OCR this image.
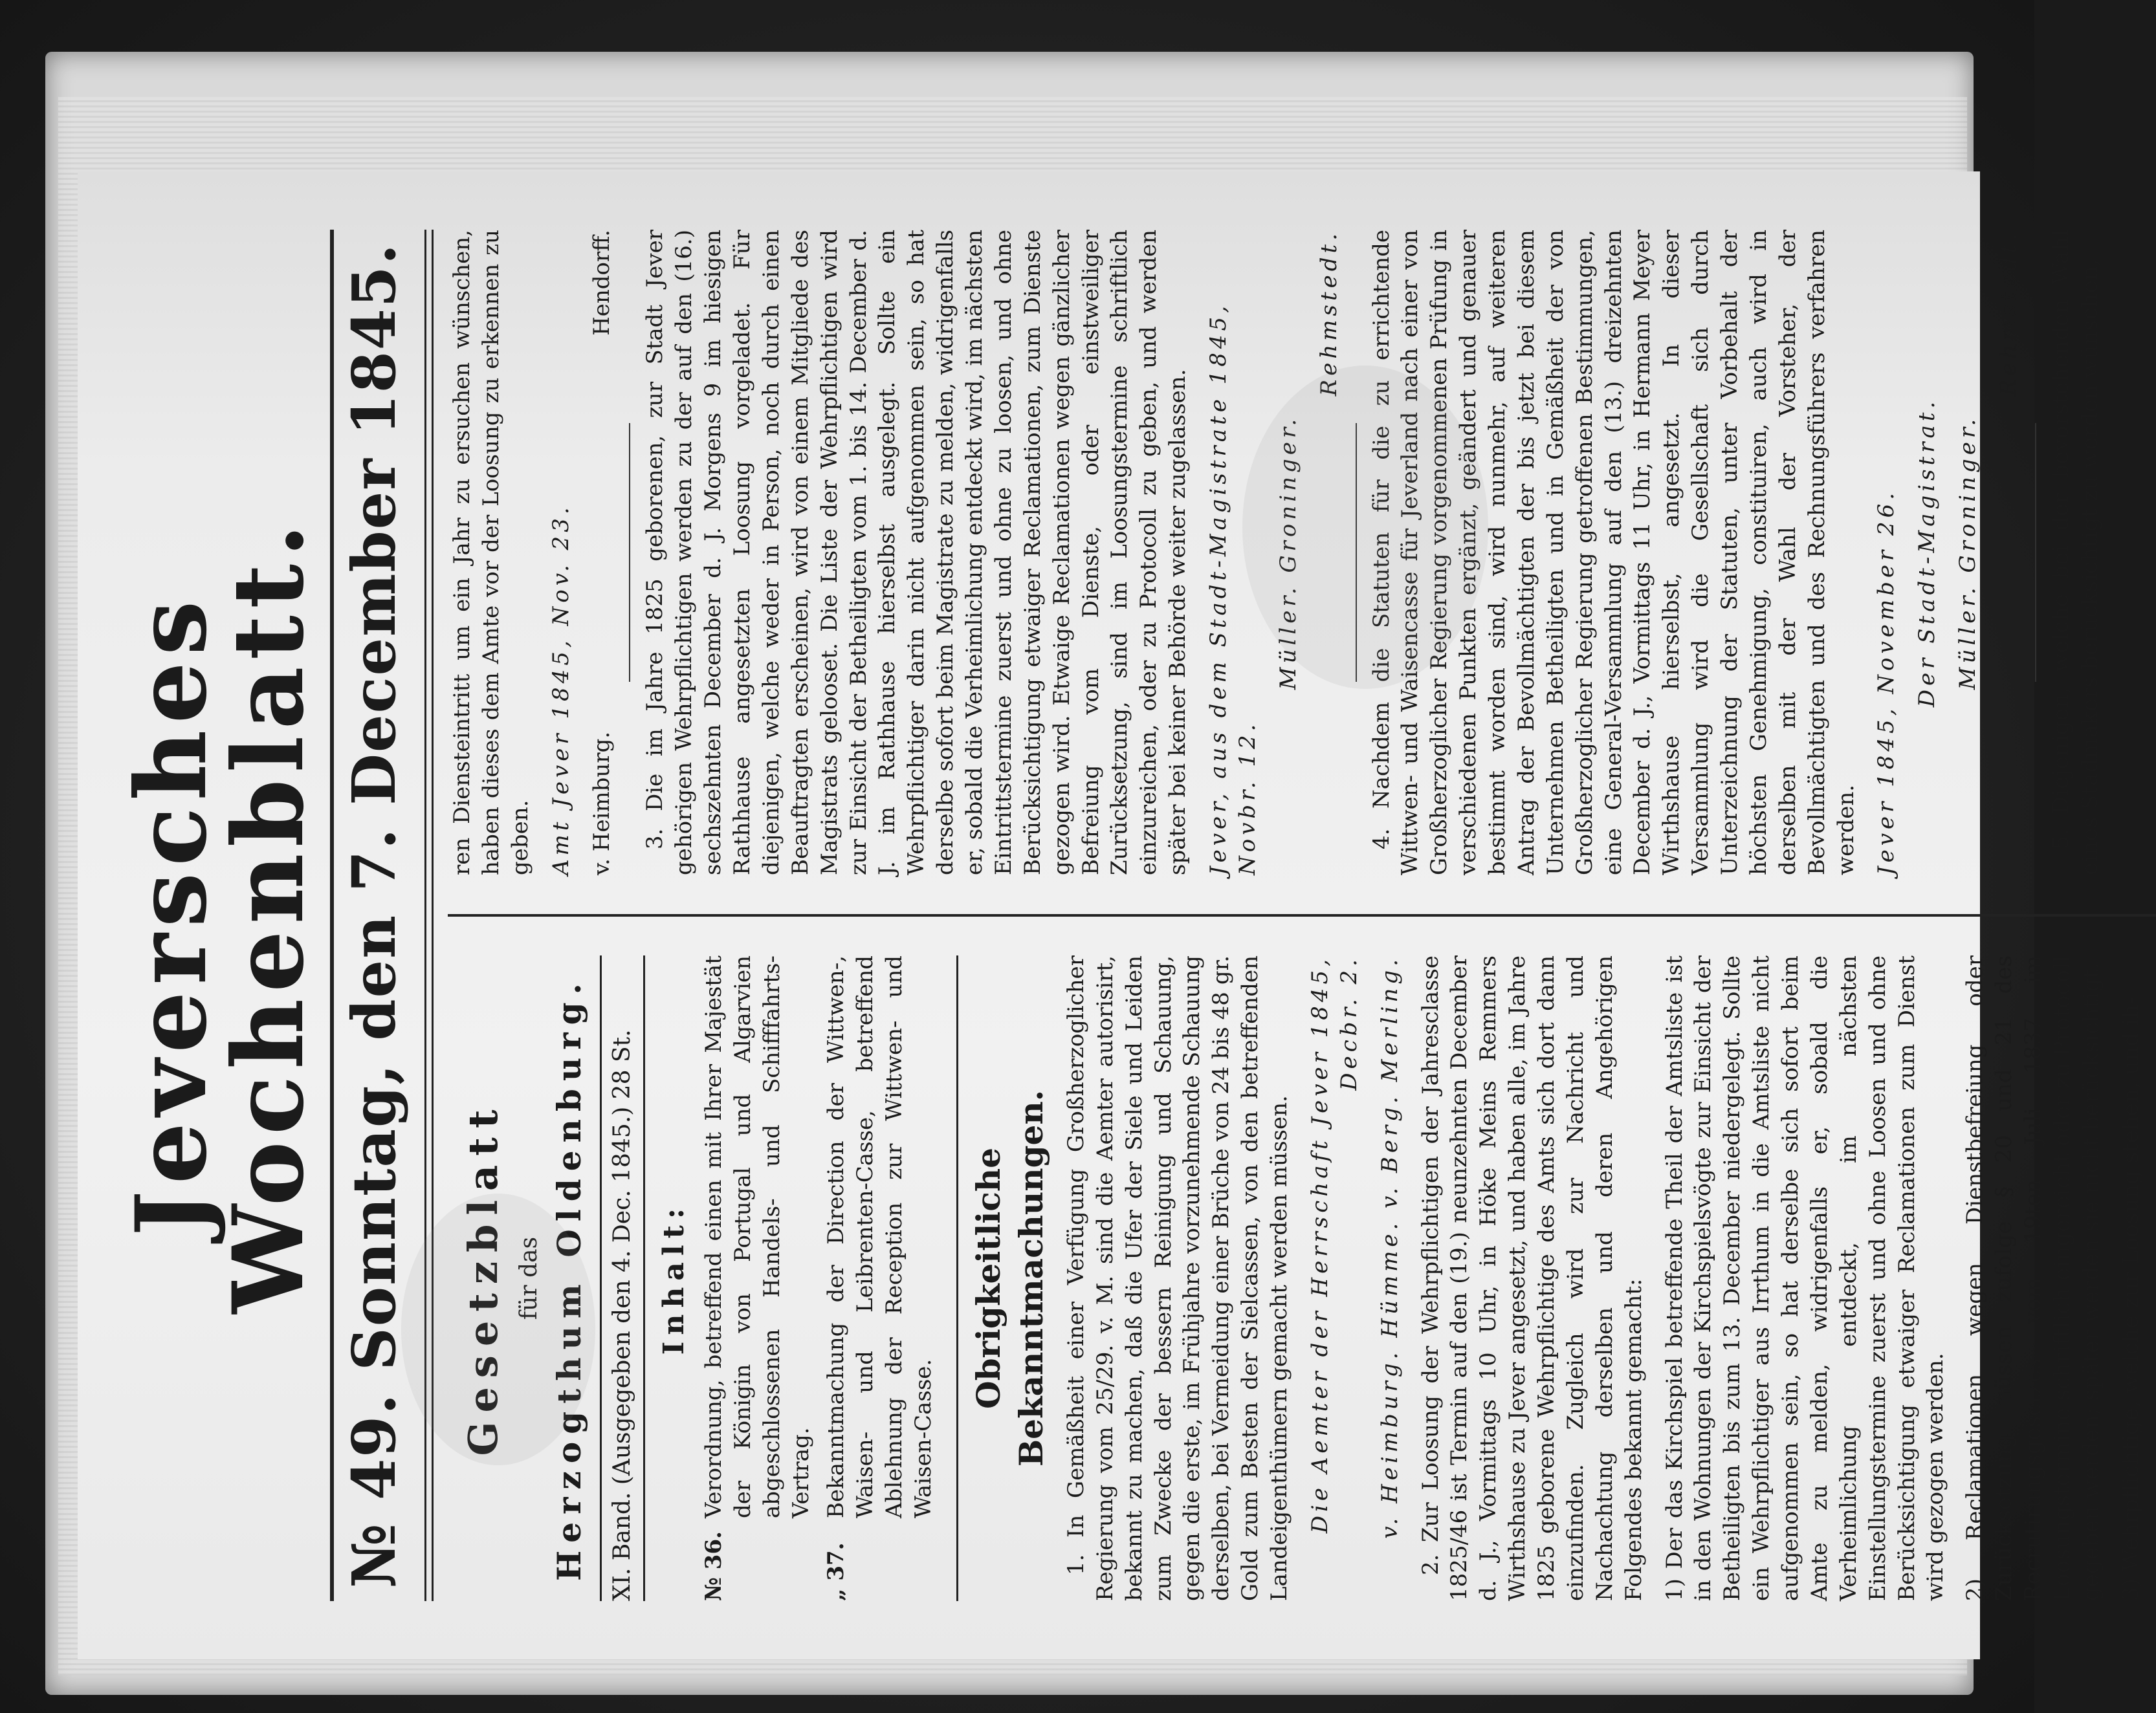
Jeversches Wochenblatt.
№ 49. Sonntag, den 7. December 1845. Gesetzblatt für das Herzogthum Oldenburg. XI. Band. (Ausgegeben den 4. Dec. 1845.) 28 St. Inhalt:
№ 36.
Verordnung, betreffend einen mit Ihrer Majestät der Königin von Portugal und Algarvien abgeschlossenen Handels- und Schifffahrts-Vertrag.
„ 37.
Bekanntmachung der Direction der Wittwen-, Waisen- und Leibrenten-Casse, betreffend Ablehnung der Reception zur Wittwen- und Waisen-Casse.
Obrigkeitliche Bekanntmachungen. 1. In Gemäßheit einer Verfügung Großherzoglicher Regierung vom 25/29. v. M. sind die Aemter autorisirt, bekannt zu machen, daß die Ufer der Siele und Leiden zum Zwecke der bessern Reinigung und Schauung, gegen die erste, im Frühjahre vorzunehmende Schauung derselben, bei Vermeidung einer Brüche von 24 bis 48 gr. Gold zum Besten der Sielcassen, von den betreffenden Landeigenthümern gemacht werden müssen. Die Aemter der Herrschaft Jever 1845, Decbr. 2. v. Heimburg. Hümme. v. Berg. Merling. 2. Zur Loosung der Wehrpflichtigen der Jahresclasse 1825/46 ist Termin auf den (19.) neunzehnten December d. J., Vormittags 10 Uhr, in Höke Meins Remmers Wirthshause zu Jever angesetzt, und haben alle, im Jahre 1825 geborene Wehrpflichtige des Amts sich dort dann einzufinden. Zugleich wird zur Nachricht und Nachachtung derselben und deren Angehörigen Folgendes bekannt gemacht: 1) Der das Kirchspiel betreffende Theil der Amtsliste ist in den Wohnungen der Kirchspielsvögte zur Einsicht der Betheiligten bis zum 13. December niedergelegt. Sollte ein Wehrpflichtiger aus Irrthum in die Amtsliste nicht aufgenommen sein, so hat derselbe sich sofort beim Amte zu melden, widrigenfalls er, sobald die Verheimlichung entdeckt, im nächsten Einstellungstermine zuerst und ohne Loosen und ohne Berücksichtigung etwaiger Reclamationen zum Dienst wird gezogen werden. 2) Reclamationen wegen Dienstbefreiung oder Zurücksetzung müssen zufolge § 20 und 21 des Recrutirungsgesetzes vom 19ten Juli 1837 im Loosungstermine schriftlich eingereicht oder zu Protocoll gegeben werden; später werden sie nicht berücksichtigt. 3) Wehrpflichtige, welche zur Loosung stehen, und ih-

ren Diensteintritt um ein Jahr zu ersuchen wünschen, haben dieses dem Amte vor der Loosung zu erkennen zu geben. Amt Jever 1845, Nov. 23. v. Heimburg.
Hendorff. 3. Die im Jahre 1825 geborenen, zur Stadt Jever gehörigen Wehrpflichtigen werden zu der auf den (16.) sechszehnten December d. J. Morgens 9 im hiesigen Rathhause angesetzten Loosung vorgeladet. Für diejenigen, welche weder in Person, noch durch einen Beauftragten erscheinen, wird von einem Mitgliede des Magistrats gelooset. Die Liste der Wehrpflichtigen wird zur Einsicht der Betheiligten vom 1. bis 14. December d. J. im Rathhause hierselbst ausgelegt. Sollte ein Wehrpflichtiger darin nicht aufgenommen sein, so hat derselbe sofort beim Magistrate zu melden, widrigenfalls er, sobald die Verheimlichung entdeckt wird, im nächsten Eintrittstermine zuerst und ohne zu loosen, und ohne Berücksichtigung etwaiger Reclamationen, zum Dienste gezogen wird. Etwaige Reclamationen wegen gänzlicher Befreiung vom Dienste, oder einstweiliger Zurücksetzung, sind im Loosungstermine schriftlich einzureichen, oder zu Protocoll zu geben, und werden später bei keiner Behörde weiter zugelassen. Jever, aus dem Stadt-Magistrate 1845, Novbr. 12.
Müller. Groninger.
Rehmstedt. 4. Nachdem die Statuten für die zu errichtende Wittwen- und Waisencasse für Jeverland nach einer von Großherzoglicher Regierung vorgenommenen Prüfung in verschiedenen Punkten ergänzt, geändert und genauer bestimmt worden sind, wird nunmehr, auf weiteren Antrag der Bevollmächtigten der bis jetzt bei diesem Unternehmen Betheiligten und in Gemäßheit der von Großherzoglicher Regierung getroffenen Bestimmungen, eine General-Versammlung auf den (13.) dreizehnten December d. J., Vormittags 11 Uhr, in Hermann Meyer Wirthshause hierselbst, angesetzt. In dieser Versammlung wird die Gesellschaft sich durch Unterzeichnung der Statuten, unter Vorbehalt der höchsten Genehmigung, constituiren, auch wird in derselben mit der Wahl der Vorsteher, der Bevollmächtigten und des Rechnungsführers verfahren werden. Jever 1845, November 26. Der Stadt-Magistrat. Müller. Groninger.
Rehmstedt. 5. Diejenigen, welche bei der bevorstehenden Wahl eines Stadmakers berücksichtigt zu werden wünschen,
